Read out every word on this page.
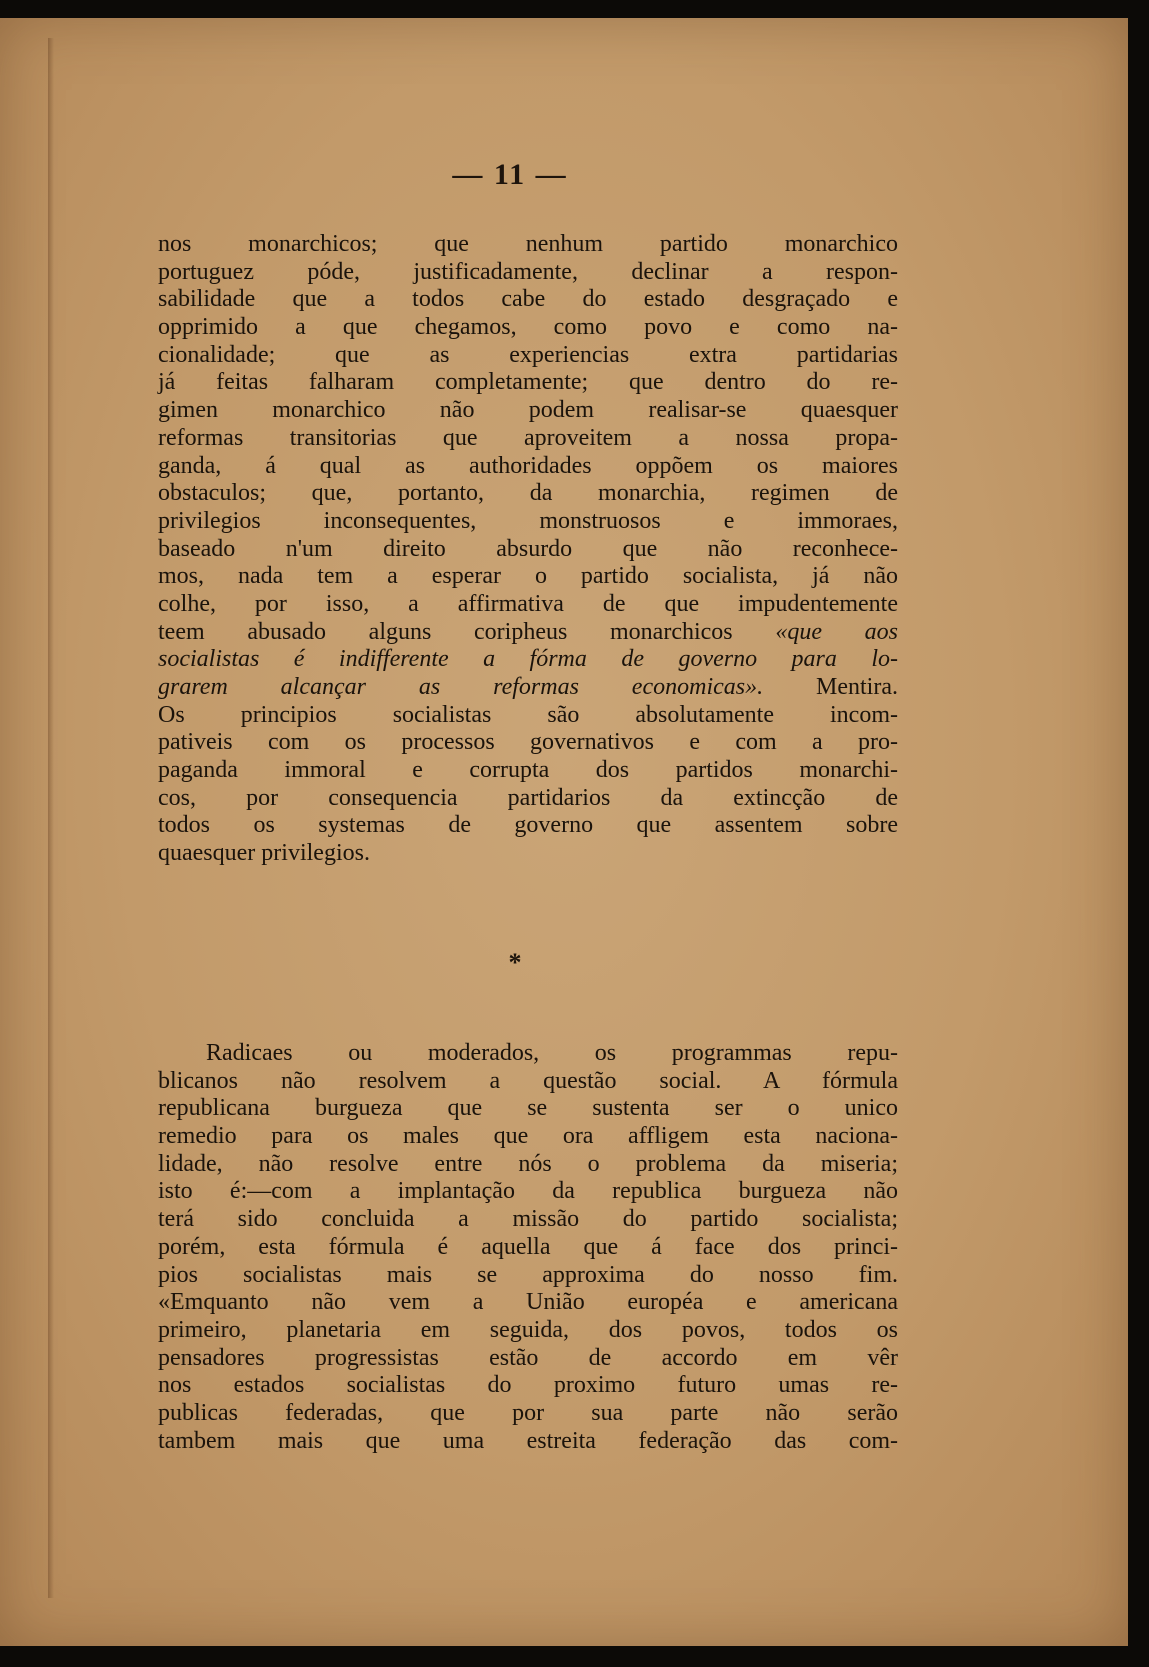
— 11 —
nos monarchicos; que nenhum partido monarchico
portuguez póde, justificadamente, declinar a respon-
sabilidade que a todos cabe do estado desgraçado e
opprimido a que chegamos, como povo e como na-
cionalidade; que as experiencias extra partidarias
já feitas falharam completamente; que dentro do re-
gimen monarchico não podem realisar-se quaesquer
reformas transitorias que aproveitem a nossa propa-
ganda, á qual as authoridades oppõem os maiores
obstaculos; que, portanto, da monarchia, regimen de
privilegios inconsequentes, monstruosos e immoraes,
baseado n'um direito absurdo que não reconhece-
mos, nada tem a esperar o partido socialista, já não
colhe, por isso, a affirmativa de que impudentemente
teem abusado alguns coripheus monarchicos «que aos
socialistas é indifferente a fórma de governo para lo-
grarem alcançar as reformas economicas». Mentira.
Os principios socialistas são absolutamente incom-
pativeis com os processos governativos e com a pro-
paganda immoral e corrupta dos partidos monarchi-
cos, por consequencia partidarios da extincção de
todos os systemas de governo que assentem sobre
quaesquer privilegios.
*
Radicaes ou moderados, os programmas repu-
blicanos não resolvem a questão social. A fórmula
republicana burgueza que se sustenta ser o unico
remedio para os males que ora affligem esta naciona-
lidade, não resolve entre nós o problema da miseria;
isto é:—com a implantação da republica burgueza não
terá sido concluida a missão do partido socialista;
porém, esta fórmula é aquella que á face dos princi-
pios socialistas mais se approxima do nosso fim.
«Emquanto não vem a União européa e americana
primeiro, planetaria em seguida, dos povos, todos os
pensadores progressistas estão de accordo em vêr
nos estados socialistas do proximo futuro umas re-
publicas federadas, que por sua parte não serão
tambem mais que uma estreita federação das com-
